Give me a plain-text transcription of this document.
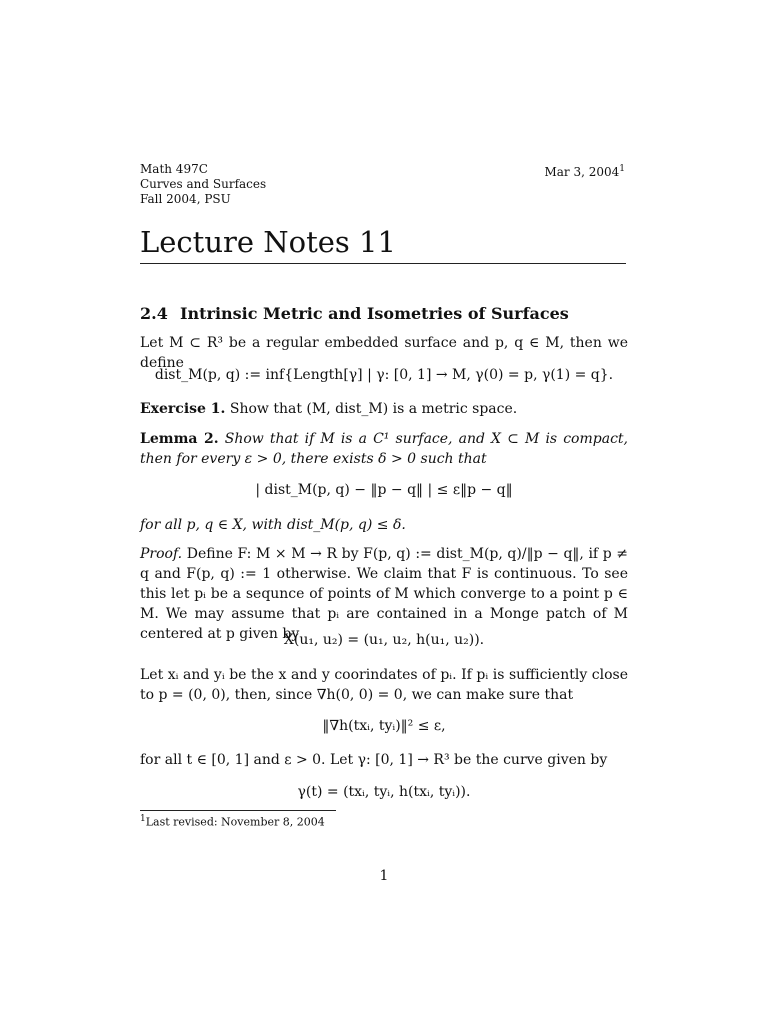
Math 497C
Curves and Surfaces
Fall 2004, PSU
Mar 3, 2004$^1$
Lecture Notes 11
2.4 Intrinsic Metric and Isometries of Surfaces
Let M ⊂ R³ be a regular embedded surface and p, q ∈ M, then we define
dist_M(p, q) := inf{Length[γ] | γ: [0, 1] → M, γ(0) = p, γ(1) = q}.
Exercise 1. Show that (M, dist_M) is a metric space.
Lemma 2. Show that if M is a C¹ surface, and X ⊂ M is compact, then for every ε > 0, there exists δ > 0 such that
| dist_M(p, q) − ‖p − q‖ | ≤ ε‖p − q‖
for all p, q ∈ X, with dist_M(p, q) ≤ δ.
Proof. Define F: M × M → R by F(p, q) := dist_M(p, q)/‖p − q‖, if p ≠ q and F(p, q) := 1 otherwise. We claim that F is continuous. To see this let pᵢ be a sequnce of points of M which converge to a point p ∈ M. We may assume that pᵢ are contained in a Monge patch of M centered at p given by
X(u₁, u₂) = (u₁, u₂, h(u₁, u₂)).
Let xᵢ and yᵢ be the x and y coorindates of pᵢ. If pᵢ is sufficiently close to p = (0, 0), then, since ∇h(0, 0) = 0, we can make sure that
‖∇h(txᵢ, tyᵢ)‖² ≤ ε,
for all t ∈ [0, 1] and ε > 0. Let γ: [0, 1] → R³ be the curve given by
γ(t) = (txᵢ, tyᵢ, h(txᵢ, tyᵢ)).
$^1$Last revised: November 8, 2004
1
